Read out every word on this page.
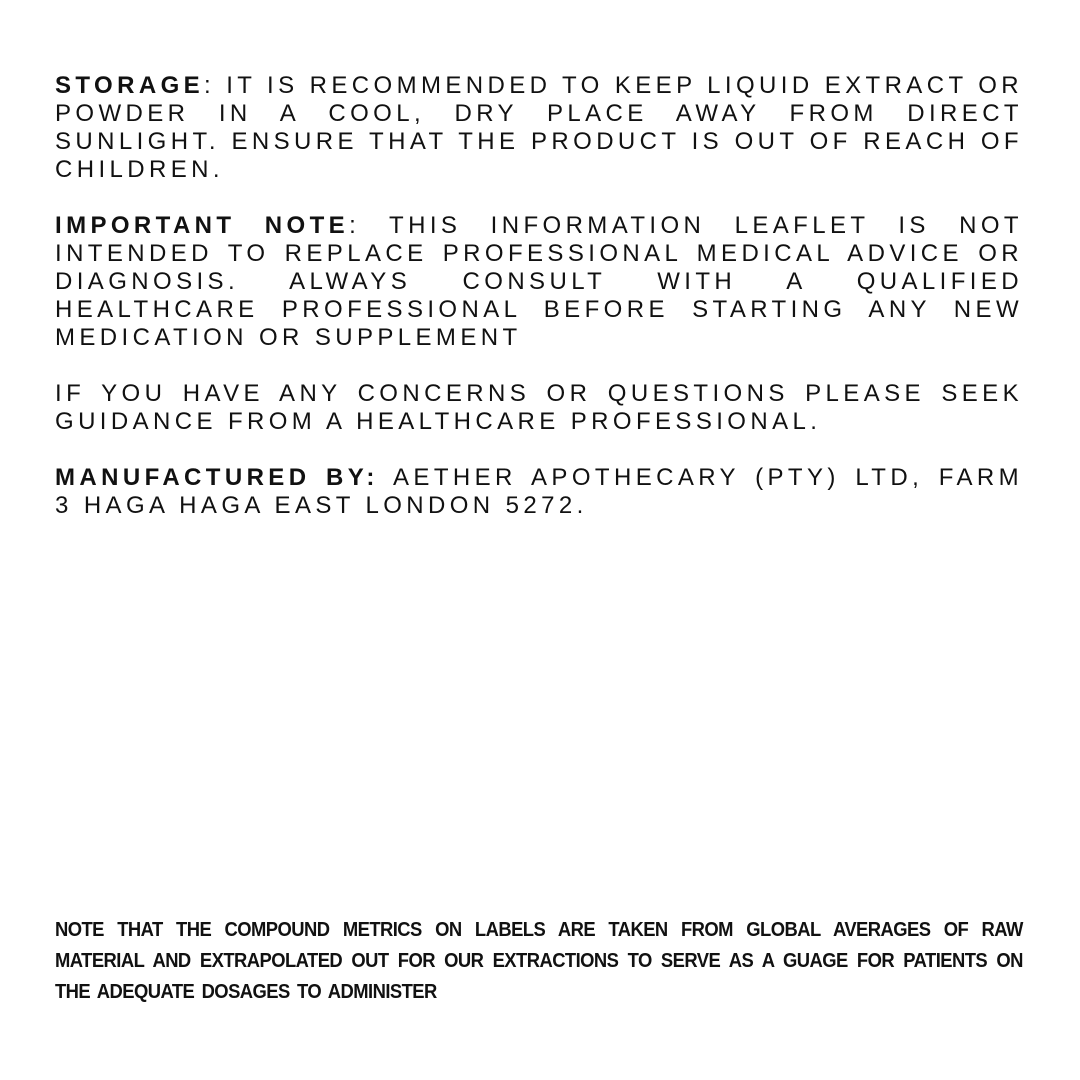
STORAGE: IT IS RECOMMENDED TO KEEP LIQUID EXTRACT OR POWDER IN A COOL, DRY PLACE AWAY FROM DIRECT SUNLIGHT. ENSURE THAT THE PRODUCT IS OUT OF REACH OF CHILDREN.

IMPORTANT NOTE: THIS INFORMATION LEAFLET IS NOT INTENDED TO REPLACE PROFESSIONAL MEDICAL ADVICE OR DIAGNOSIS. ALWAYS CONSULT WITH A QUALIFIED HEALTHCARE PROFESSIONAL BEFORE STARTING ANY NEW MEDICATION OR SUPPLEMENT

IF YOU HAVE ANY CONCERNS OR QUESTIONS PLEASE SEEK GUIDANCE FROM A HEALTHCARE PROFESSIONAL.

MANUFACTURED BY: AETHER APOTHECARY (PTY) LTD, FARM 3 HAGA HAGA EAST LONDON 5272.

NOTE THAT THE COMPOUND METRICS ON LABELS ARE TAKEN FROM GLOBAL AVERAGES OF RAW MATERIAL AND EXTRAPOLATED OUT FOR OUR EXTRACTIONS TO SERVE AS A GUAGE FOR PATIENTS ON THE ADEQUATE DOSAGES TO ADMINISTER
